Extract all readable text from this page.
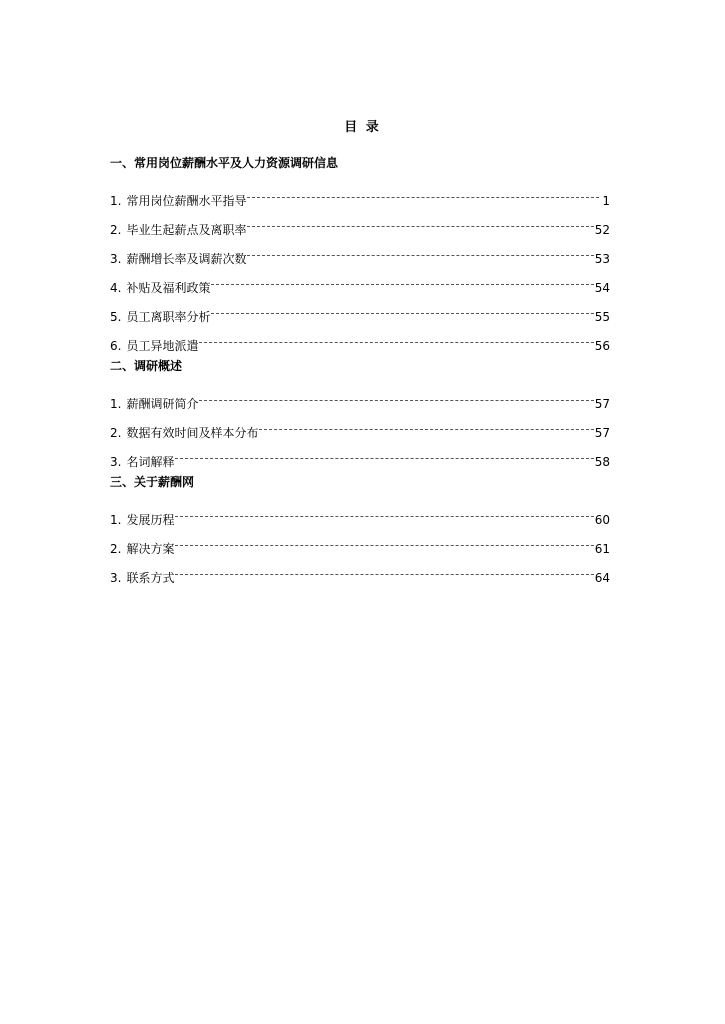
目 录
一、常用岗位薪酬水平及人力资源调研信息
1. 常用岗位薪酬水平指导	1
2. 毕业生起薪点及离职率	52
3. 薪酬增长率及调薪次数	53
4. 补贴及福利政策	54
5. 员工离职率分析	55
6. 员工异地派遣	56
二、调研概述
1. 薪酬调研简介	57
2. 数据有效时间及样本分布	57
3. 名词解释	58
三、关于薪酬网
1. 发展历程	60
2. 解决方案	61
3. 联系方式	64
